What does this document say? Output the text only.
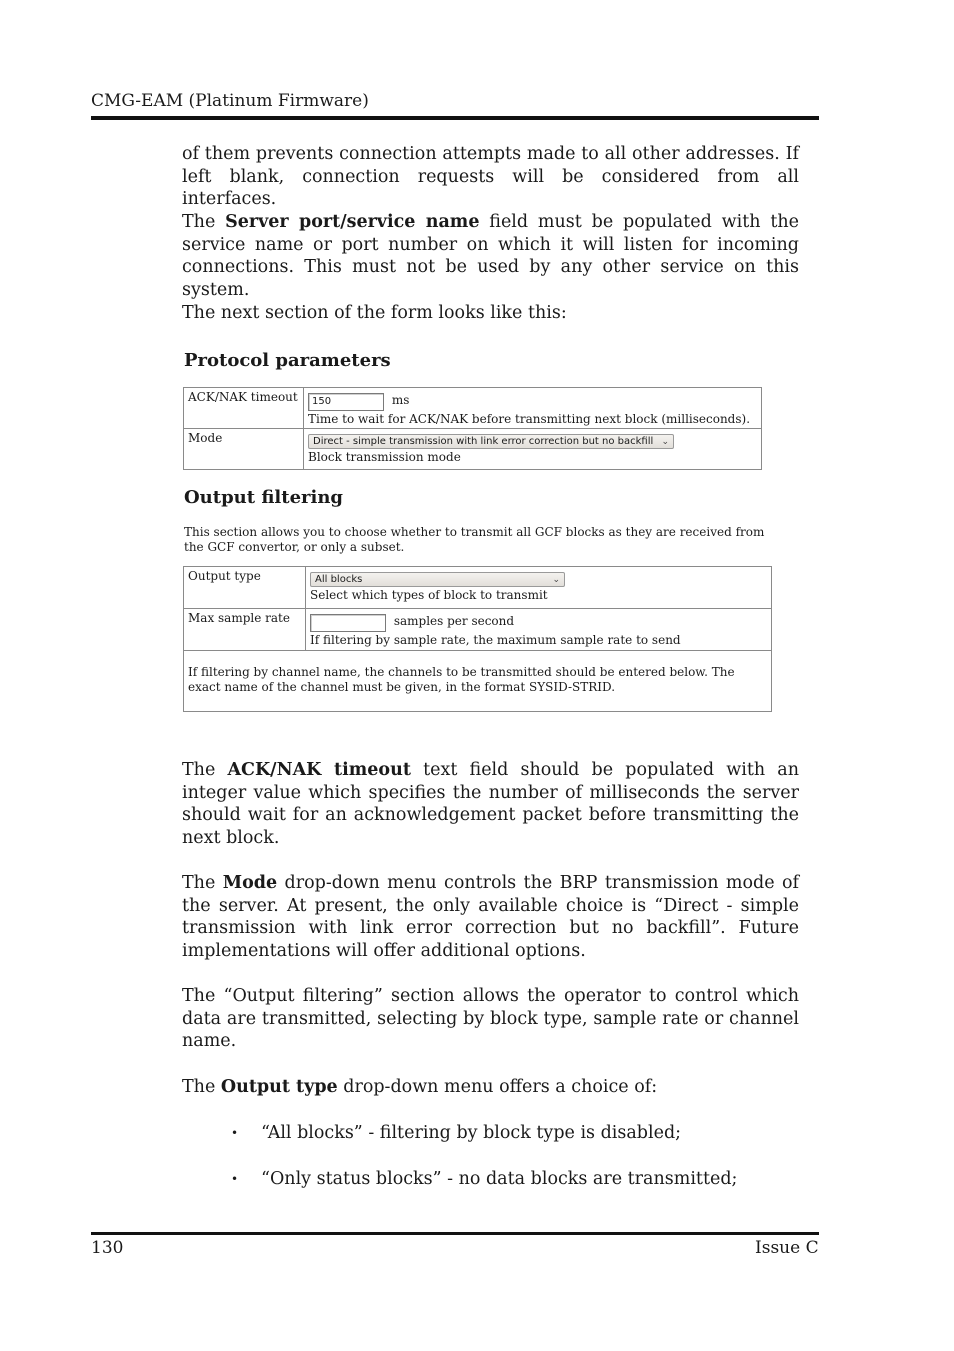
CMG-EAM (Platinum Firmware)
of them prevents connection attempts made to all other addresses. If left blank, connection requests will be considered from all interfaces.
The Server port/service name field must be populated with the service name or port number on which it will listen for incoming connections. This must not be used by any other service on this system.
The next section of the form looks like this:
Protocol parameters
ACK/NAK timeout	150 ms
Time to wait for ACK/NAK before transmitting next block (milliseconds).

Mode	Direct - simple transmission with link error correction but no backfill ⌄
Block transmission mode
Output filtering
This section allows you to choose whether to transmit all GCF blocks as they are received from the GCF convertor, or only a subset.
Output type	All blocks ⌄
Select which types of block to transmit

Max sample rate	samples per second
If filtering by sample rate, the maximum sample rate to send

If filtering by channel name, the channels to be transmitted should be entered below. The exact name of the channel must be given, in the format SYSID-STRID.	
The ACK/NAK timeout text field should be populated with an integer value which specifies the number of milliseconds the server should wait for an acknowledgement packet before transmitting the next block.
The Mode drop-down menu controls the BRP transmission mode of the server. At present, the only available choice is “Direct - simple transmission with link error correction but no backfill”. Future implementations will offer additional options.
The “Output filtering” section allows the operator to control which data are transmitted, selecting by block type, sample rate or channel name.
The Output type drop-down menu offers a choice of:
• “All blocks” - filtering by block type is disabled;
• “Only status blocks” - no data blocks are transmitted;
130	Issue C
